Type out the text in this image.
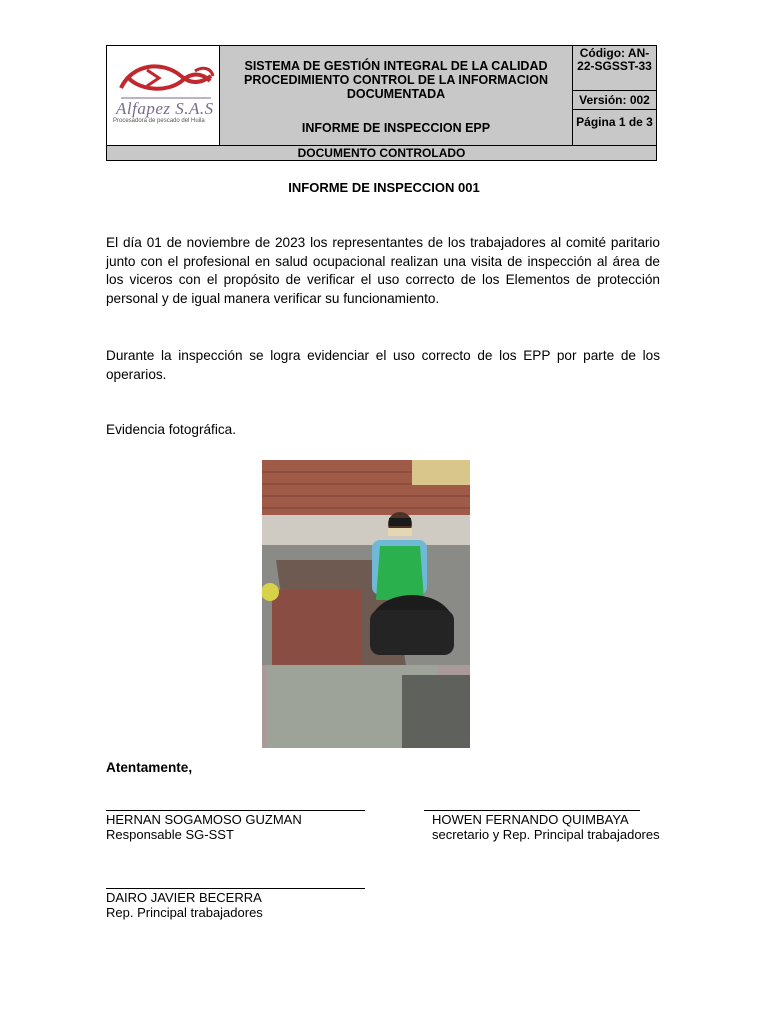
Alfapez S.A.S
Procesadora de pescado del Huila
SISTEMA DE GESTIÓN INTEGRAL DE LA CALIDAD PROCEDIMIENTO CONTROL DE LA INFORMACION DOCUMENTADA
INFORME DE INSPECCION EPP
Código: AN-22-SGSST-33
Versión: 002
Página 1 de 3
DOCUMENTO CONTROLADO
INFORME DE INSPECCION 001

El día 01 de noviembre de 2023 los representantes de los trabajadores al comité paritario junto con el profesional en salud ocupacional realizan una visita de inspección al área de los viceros con el propósito de verificar el uso correcto de los Elementos de protección personal y de igual manera verificar su funcionamiento.

Durante la inspección se logra evidenciar el uso correcto de los EPP por parte de los operarios.

Evidencia fotográfica.

Atentamente,
HERNAN SOGAMOSO GUZMAN
Responsable SG-SST
HOWEN FERNANDO QUIMBAYA
secretario y Rep. Principal trabajadores
DAIRO JAVIER BECERRA
Rep. Principal trabajadores
